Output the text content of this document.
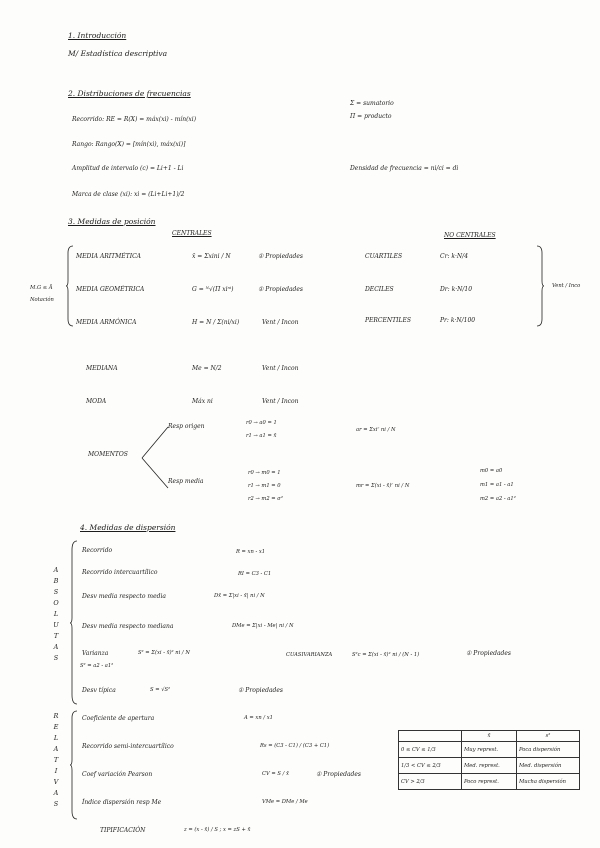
1. Introducción
M/ Estadística descriptiva
2. Distribuciones de frecuencias
Recorrido: RE = R(X) = máx(xi) - mín(xi)
Rango: Rango(X) = [mín(xi), máx(xi)]
Amplitud de intervalo (c) = Li+1 - Li
Marca de clase (xi): xi = (Li+Li+1)/2
Σ = sumatorio
Π = producto
Densidad de frecuencia = ni/ci = di
3. Medidas de posición
CENTRALES	NO CENTRALES
M.G ≤ Ā
Notación
MEDIA ARITMÉTICA	x̄ = Σxini / N	① Propiedades
MEDIA GEOMÉTRICA	G = ᴺ√(Π xiⁿⁱ)	① Propiedades
MEDIA ARMÓNICA	H = N / Σ(ni/xi)	Vent / Incon
CUARTILES	Cr: k·N/4
DECILES	Dr: k·N/10
PERCENTILES	Pr: k·N/100
Vent / Inco
MEDIANA	Me = N/2	Vent / Incon
MODA	Máx ni	Vent / Incon
MOMENTOS
Resp origen	r0 → a0 = 1
r1 → a1 = x̄
ar = Σxiʳ ni / N
Resp media
r0 → m0 = 1
r1 → m1 = 0
r2 → m2 = σ²
mr = Σ(xi - x̄)ʳ ni / N
m0 = a0
m1 = a1 - a1
m2 = a2 - a1²
4. Medidas de dispersión
A
B
S
O
L
U
T
A
S
Recorrido	R = xn - x1
Recorrido intercuartílico	RI = C3 - C1
Desv media respecto media	Dx̄ = Σ|xi - x̄| ni / N
Desv media respecto mediana	DMe = Σ|xi - Me| ni / N
Varianza	S² = Σ(xi - x̄)² ni / N
S² = a2 - a1²
CUASIVARIANZA	S²c = Σ(xi - x̄)² ni / (N - 1)	① Propiedades
Desv típica	S = √S²	① Propiedades
R
E
L
A
T
I
V
A
S
Coeficiente de apertura	A = xn / x1
Recorrido semi-intercuartílico	Rs = (C3 - C1) / (C3 + C1)
Coef variación Pearson	CV = S / x̄	① Propiedades
Índice dispersión resp Me	VMe = DMe / Me
TIPIFICACIÓN	z = (x - x̄) / S ; x = zS + x̄
	x̄	s²
0 ≤ CV ≤ 1/3	Muy represt.	Poca dispersión
1/3 < CV ≤ 2/3	Med. represt.	Med. dispersión
CV > 2/3	Poco represt.	Mucha dispersión
